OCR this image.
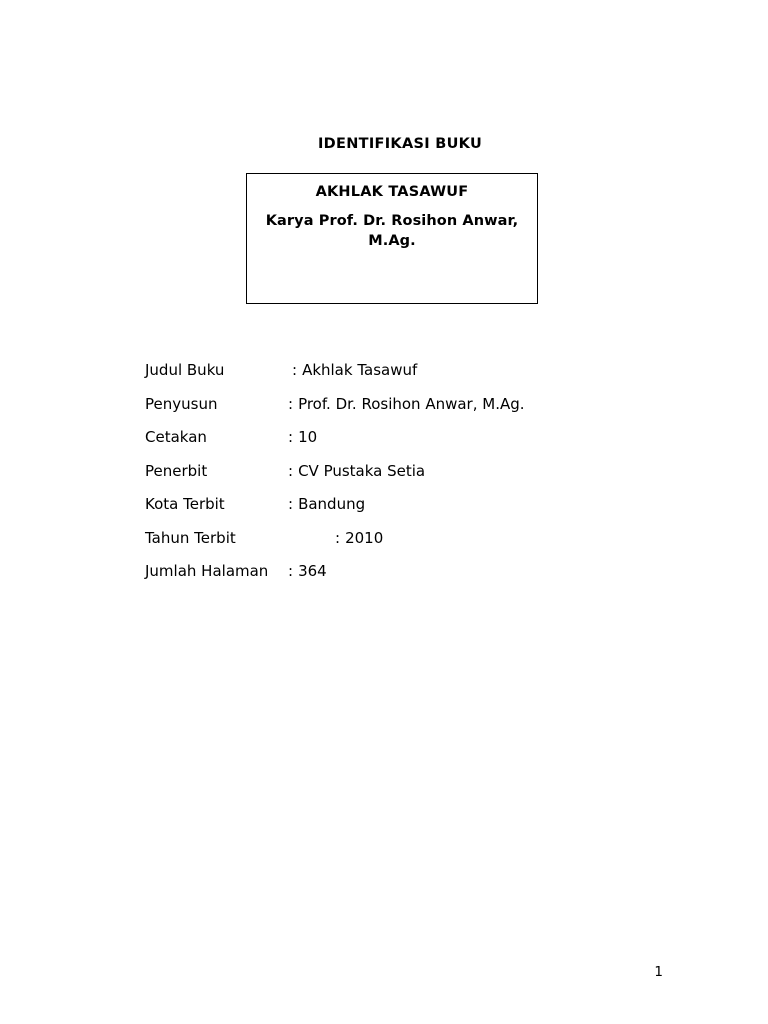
IDENTIFIKASI BUKU
AKHLAK TASAWUF
Karya Prof. Dr. Rosihon Anwar, M.Ag.
Judul Buku	: Akhlak Tasawuf
Penyusun	: Prof. Dr. Rosihon Anwar, M.Ag.
Cetakan	: 10
Penerbit	: CV Pustaka Setia
Kota Terbit	: Bandung
Tahun Terbit	: 2010
Jumlah Halaman	: 364
1
